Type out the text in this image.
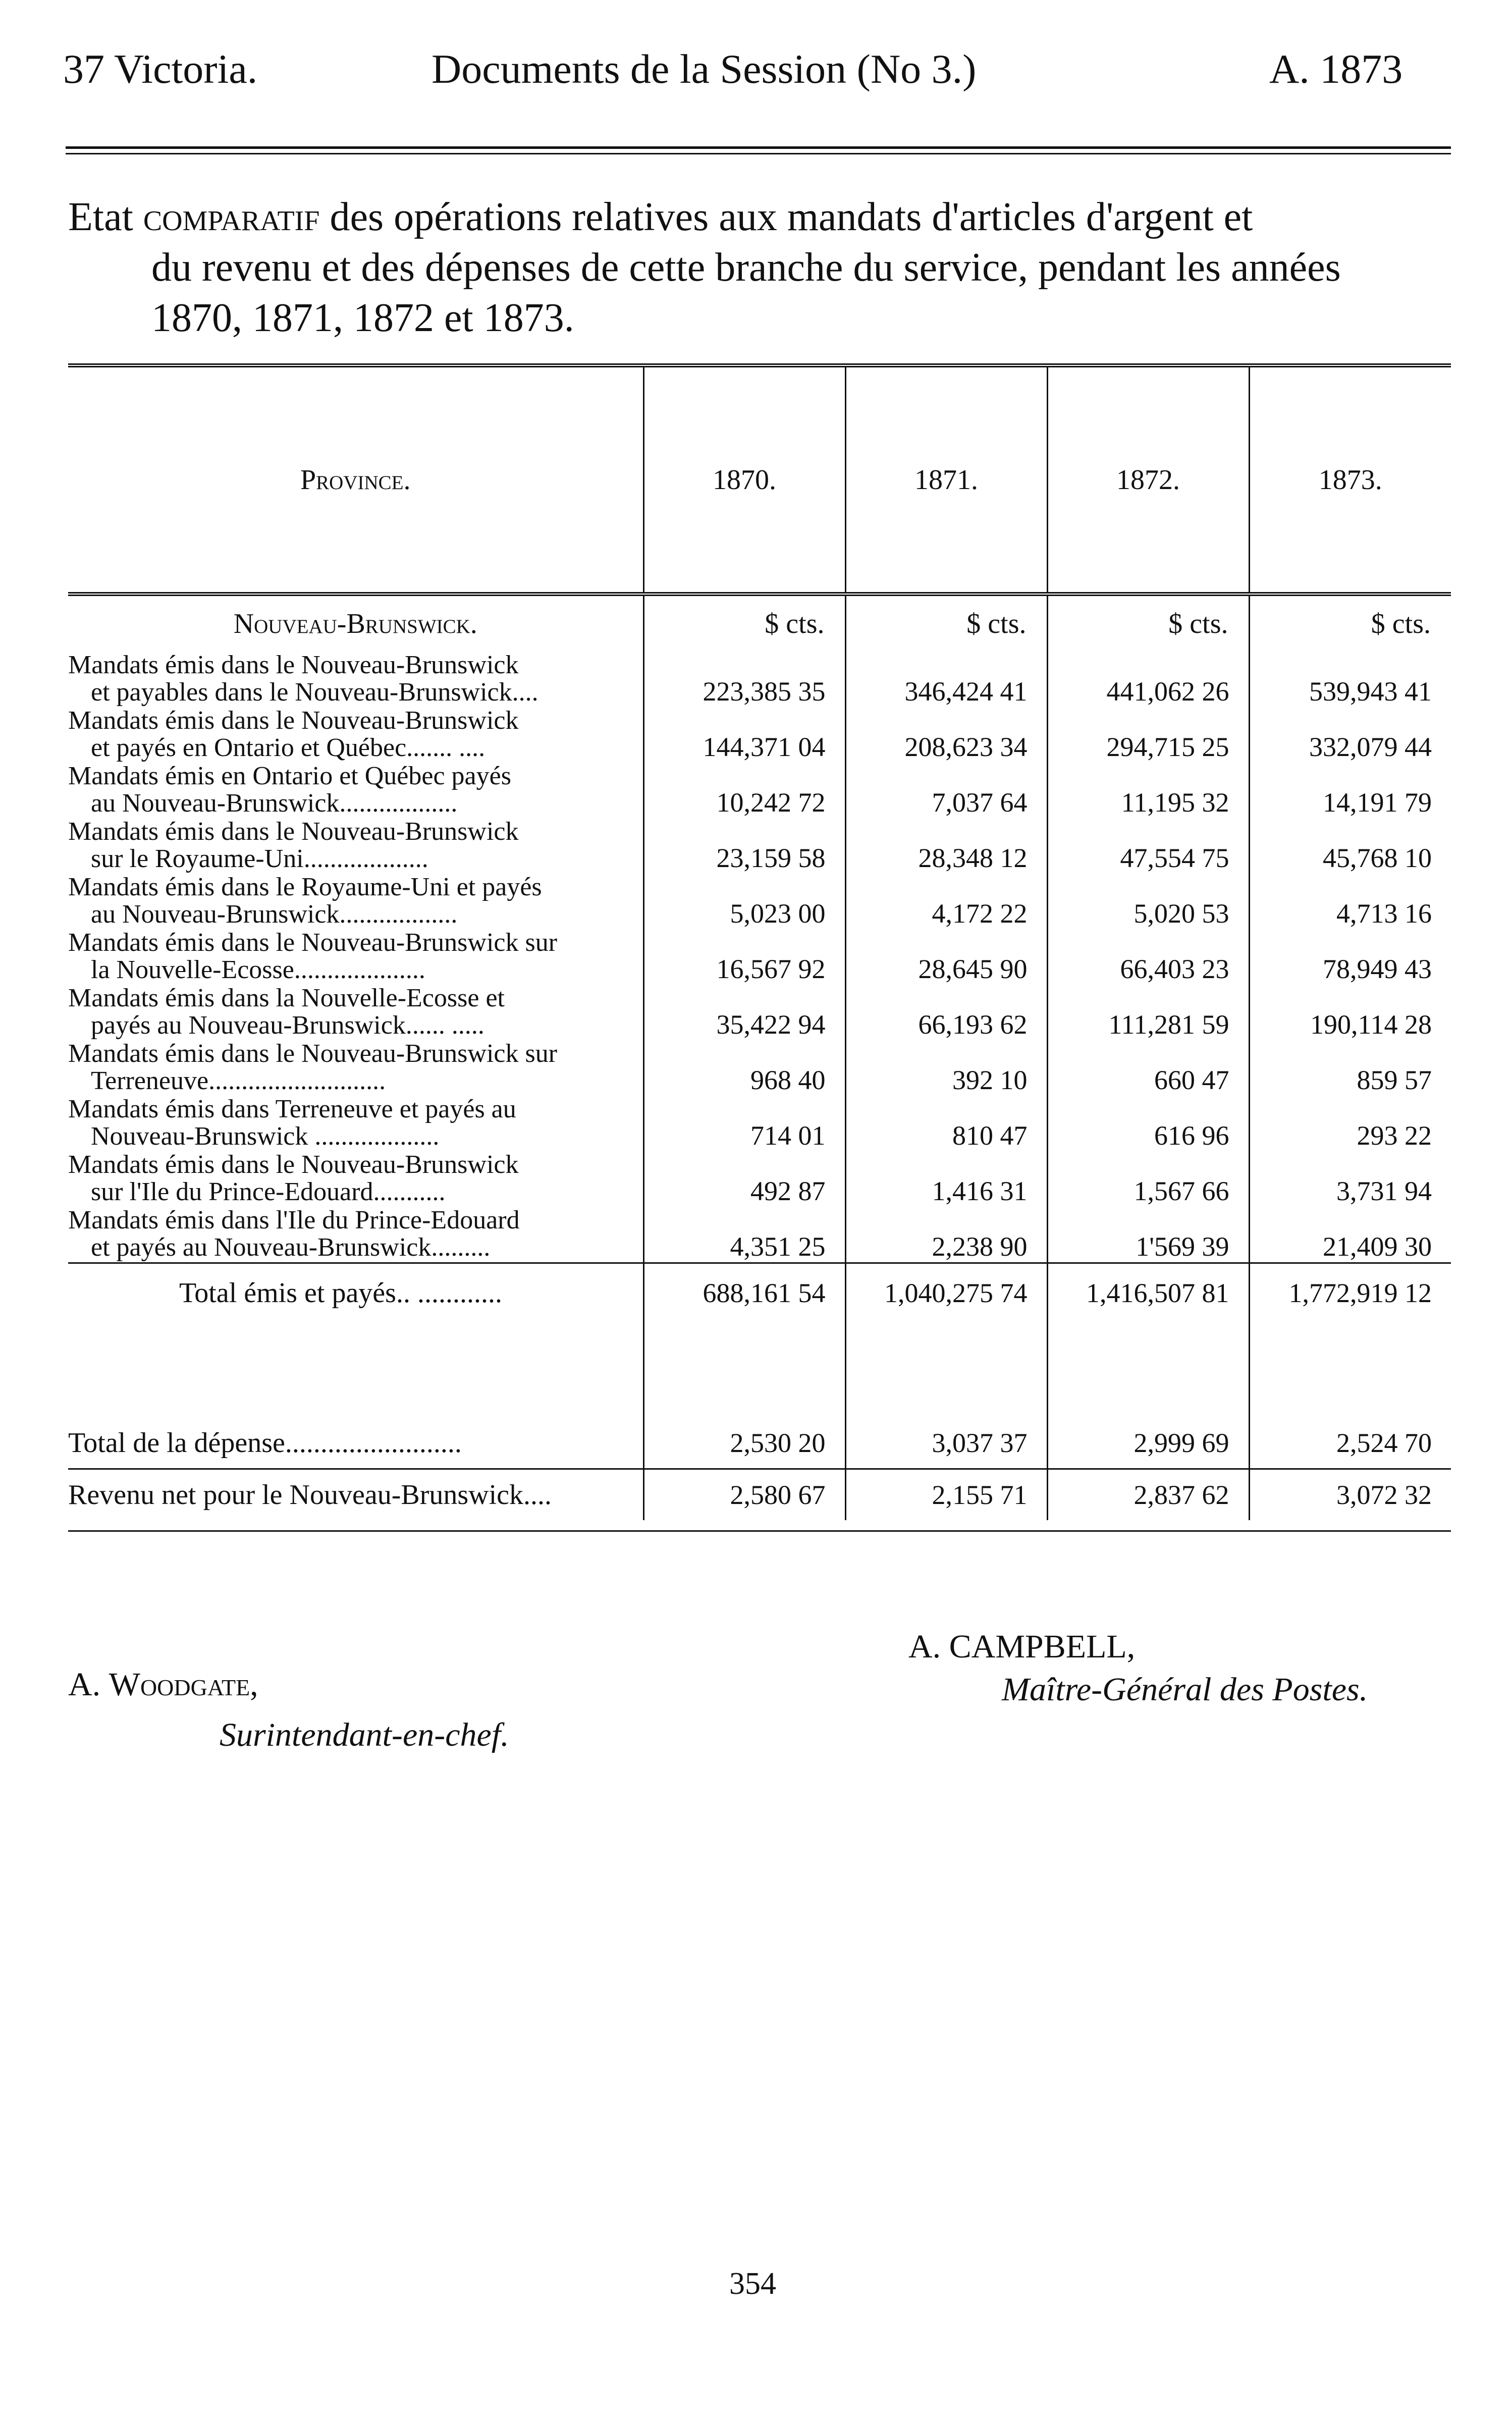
37 Victoria.	Documents de la Session (No 3.)	A. 1873
Etat comparatif des opérations relatives aux mandats d'articles d'argent et
du revenu et des dépenses de cette branche du service, pendant les années
1870, 1871, 1872 et 1873.
Province.	1870.	1871.	1872.	1873.
Nouveau-Brunswick.	$ cts.	$ cts.	$ cts.	$ cts.

Mandats émis dans le Nouveau-Brunswick
et payables dans le Nouveau-Brunswick....	223,385 35	346,424 41	441,062 26	539,943 41

Mandats émis dans le Nouveau-Brunswick
et payés en Ontario et Québec....... ....	144,371 04	208,623 34	294,715 25	332,079 44

Mandats émis en Ontario et Québec payés
au Nouveau-Brunswick..................	10,242 72	7,037 64	11,195 32	14,191 79

Mandats émis dans le Nouveau-Brunswick
sur le Royaume-Uni...................	23,159 58	28,348 12	47,554 75	45,768 10

Mandats émis dans le Royaume-Uni et payés
au Nouveau-Brunswick..................	5,023 00	4,172 22	5,020 53	4,713 16

Mandats émis dans le Nouveau-Brunswick sur
la Nouvelle-Ecosse....................	16,567 92	28,645 90	66,403 23	78,949 43

Mandats émis dans la Nouvelle-Ecosse et
payés au Nouveau-Brunswick...... .....	35,422 94	66,193 62	111,281 59	190,114 28

Mandats émis dans le Nouveau-Brunswick sur
Terreneuve...........................	968 40	392 10	660 47	859 57

Mandats émis dans Terreneuve et payés au
Nouveau-Brunswick ...................	714 01	810 47	616 96	293 22

Mandats émis dans le Nouveau-Brunswick
sur l'Ile du Prince-Edouard...........	492 87	1,416 31	1,567 66	3,731 94

Mandats émis dans l'Ile du Prince-Edouard
et payés au Nouveau-Brunswick.........	4,351 25	2,238 90	1'569 39	21,409 30
Total émis et payés.. ............	688,161 54	1,040,275 74	1,416,507 81	1,772,919 12

Total de la dépense.........................	2,530 20	3,037 37	2,999 69	2,524 70
Revenu net pour le Nouveau-Brunswick....	2,580 67	2,155 71	2,837 62	3,072 32

A. Woodgate,
Surintendant-en-chef.
A. CAMPBELL,
Maître-Général des Postes.
354
